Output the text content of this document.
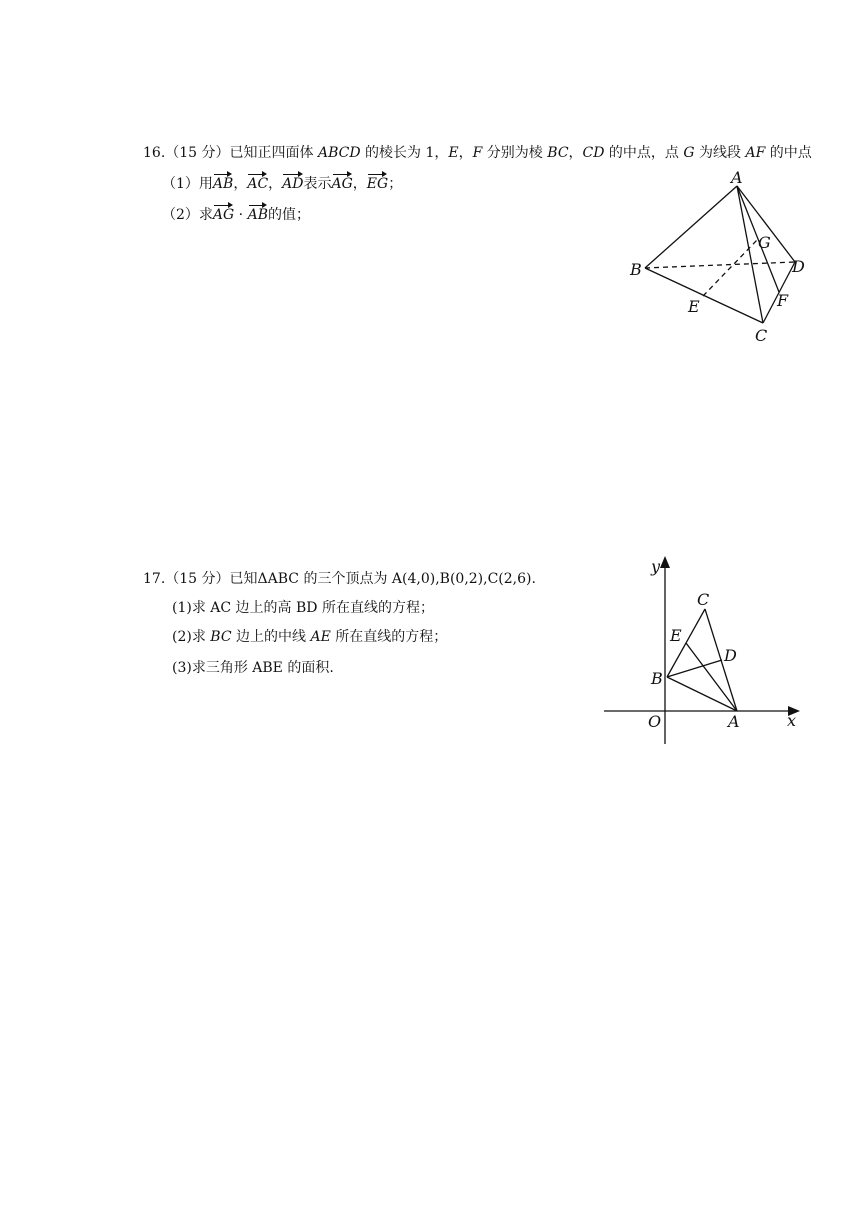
16.（15 分）已知正四面体 ABCD 的棱长为 1，E，F 分别为棱 BC，CD 的中点，点 G 为线段 AF 的中点
（1）用AB，AC，AD表示AG，EG；
（2）求AG · AB的值；
A
B
C
D
E	F
G
17.（15 分）已知ΔABC 的三个顶点为 A(4,0),B(0,2),C(2,6).
(1)求 AC 边上的高 BD 所在直线的方程；
(2)求 BC 边上的中线 AE 所在直线的方程；
(3)求三角形 ABE 的面积.
y
x
O	A
B
C
D
E
